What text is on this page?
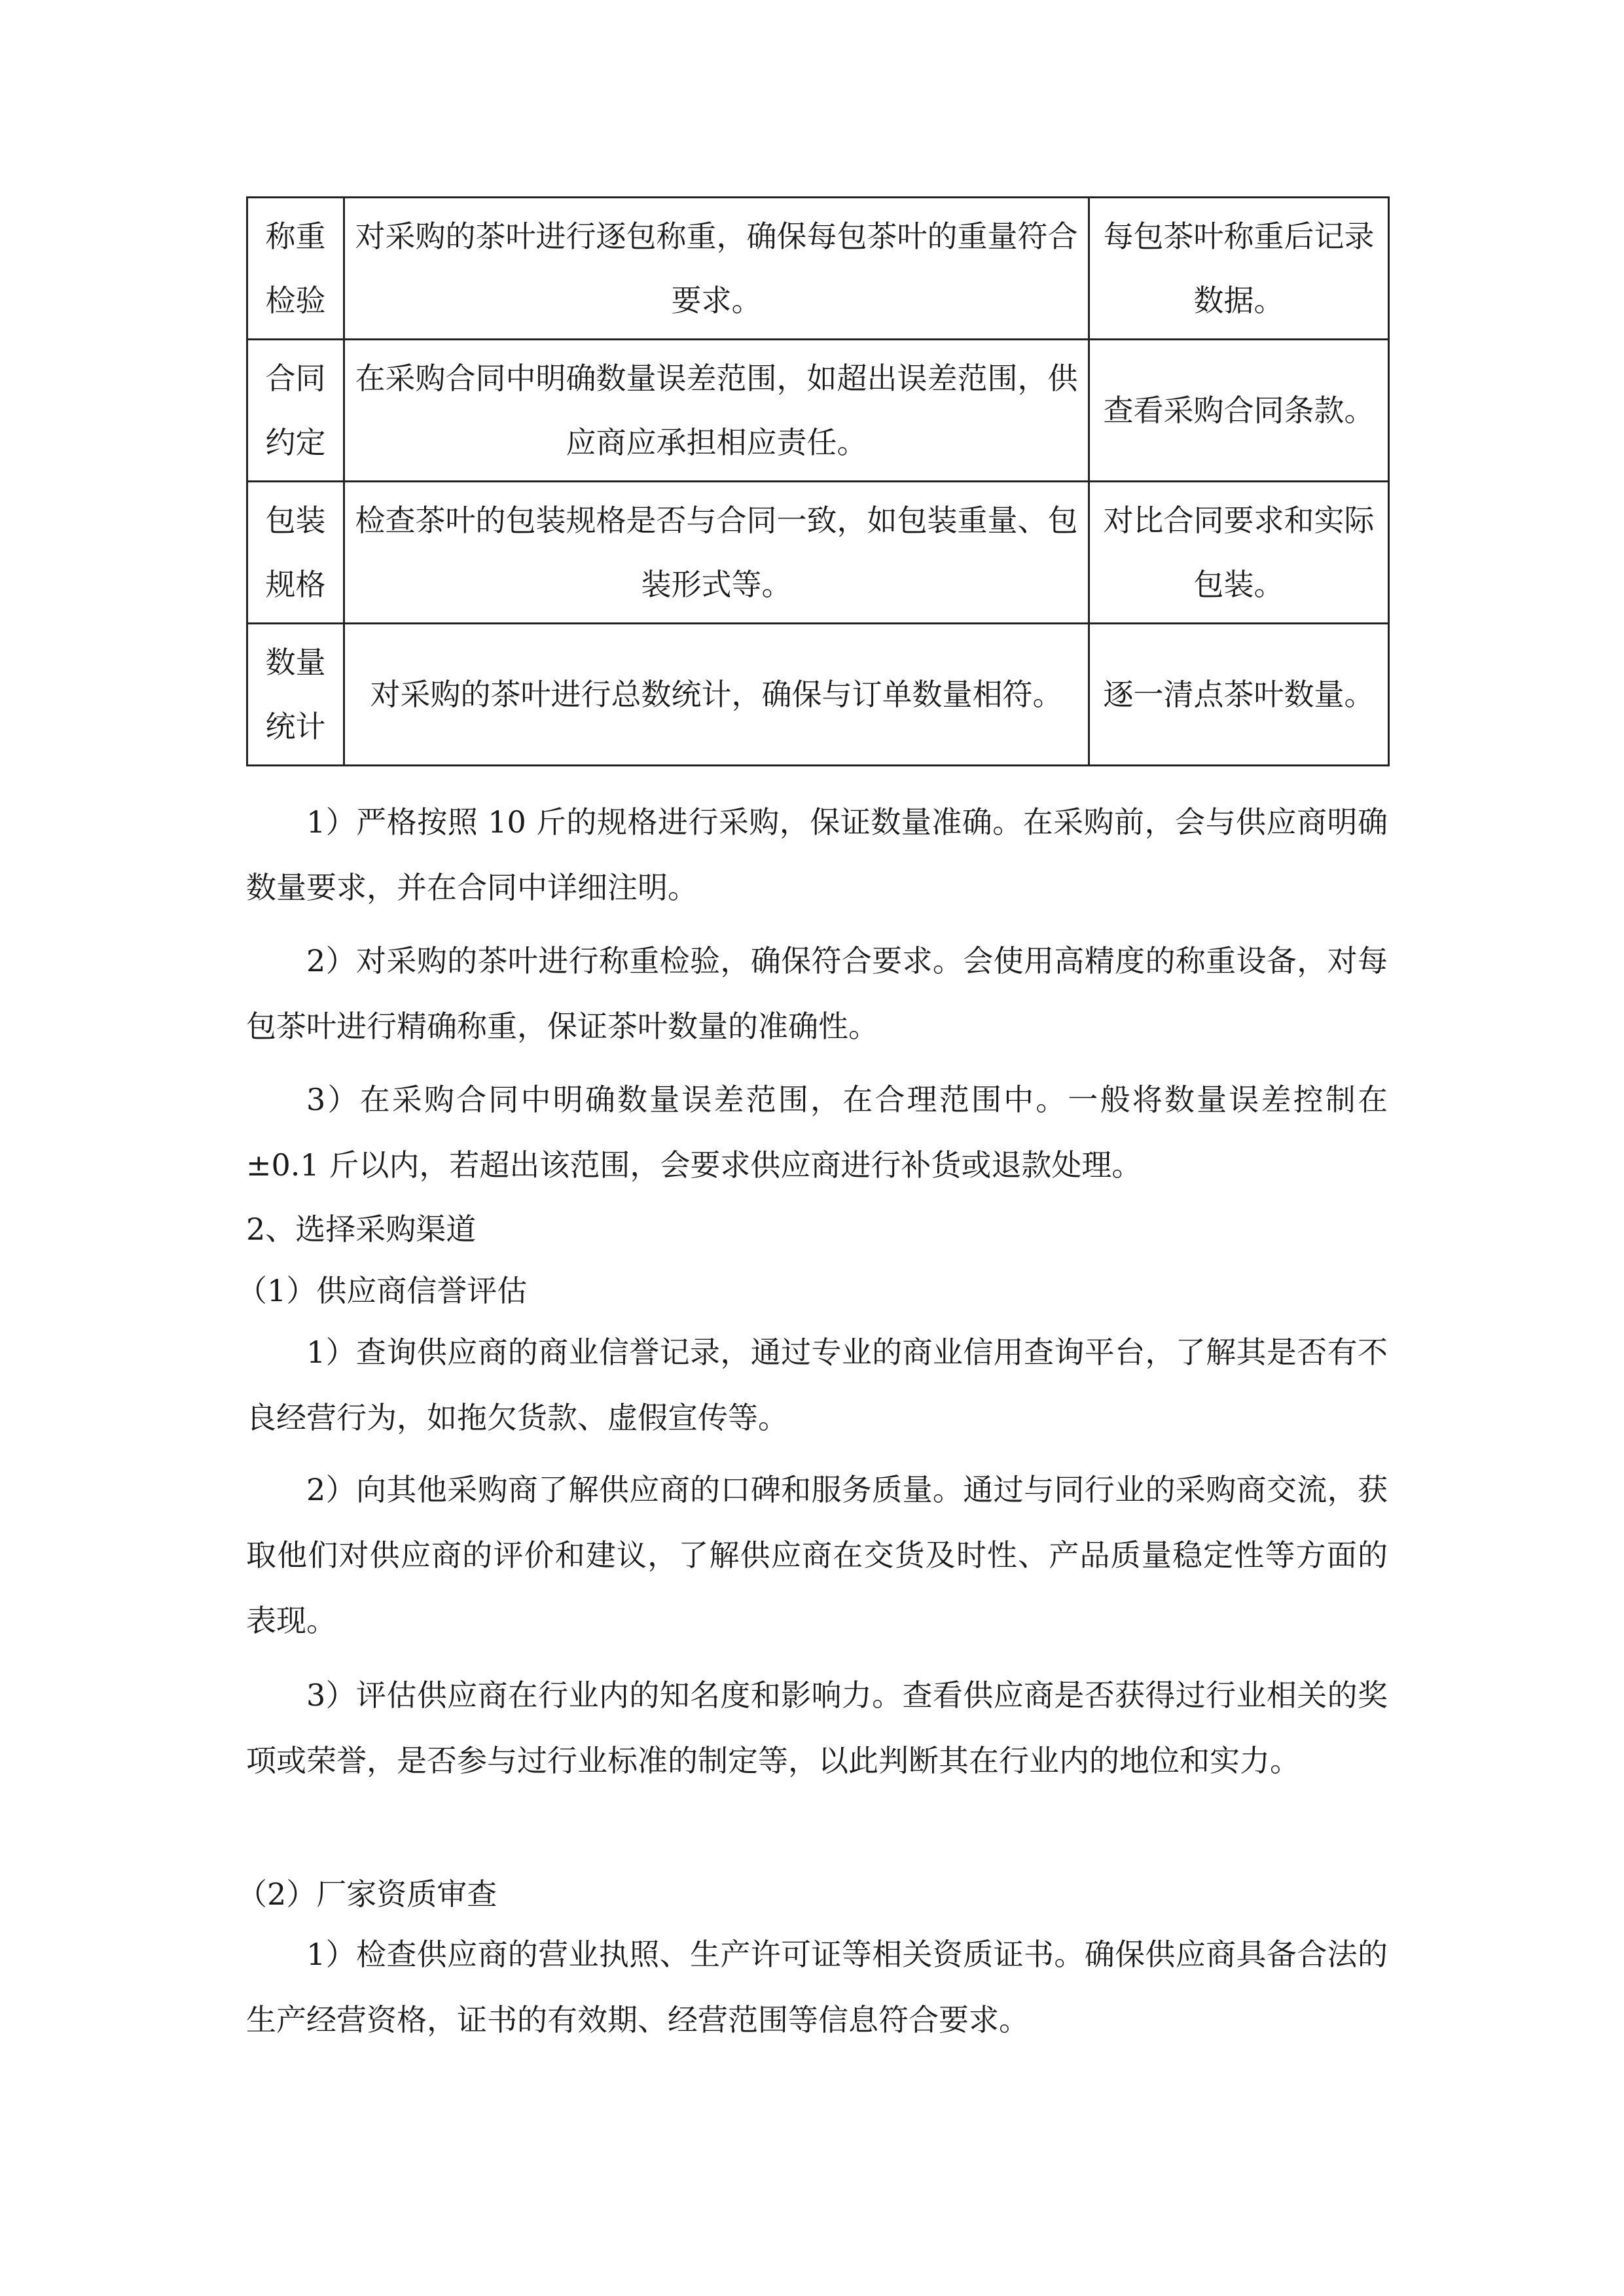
称重检验	对采购的茶叶进行逐包称重，确保每包茶叶的重量符合要求。	每包茶叶称重后记录数据。

合同约定	在采购合同中明确数量误差范围，如超出误差范围，供应商应承担相应责任。	查看采购合同条款。

包装规格	检查茶叶的包装规格是否与合同一致，如包装重量、包装形式等。	对比合同要求和实际包装。

数量统计	对采购的茶叶进行总数统计，确保与订单数量相符。	逐一清点茶叶数量。

1）严格按照 10 斤的规格进行采购，保证数量准确。在采购前，会与供应商明确数量要求，并在合同中详细注明。

2）对采购的茶叶进行称重检验，确保符合要求。会使用高精度的称重设备，对每包茶叶进行精确称重，保证茶叶数量的准确性。

3）在采购合同中明确数量误差范围，在合理范围中。一般将数量误差控制在±0.1 斤以内，若超出该范围，会要求供应商进行补货或退款处理。

2、选择采购渠道
（1）供应商信誉评估

1）查询供应商的商业信誉记录，通过专业的商业信用查询平台，了解其是否有不良经营行为，如拖欠货款、虚假宣传等。

2）向其他采购商了解供应商的口碑和服务质量。通过与同行业的采购商交流，获取他们对供应商的评价和建议，了解供应商在交货及时性、产品质量稳定性等方面的表现。

3）评估供应商在行业内的知名度和影响力。查看供应商是否获得过行业相关的奖项或荣誉，是否参与过行业标准的制定等，以此判断其在行业内的地位和实力。

（2）厂家资质审查

1）检查供应商的营业执照、生产许可证等相关资质证书。确保供应商具备合法的生产经营资格，证书的有效期、经营范围等信息符合要求。
